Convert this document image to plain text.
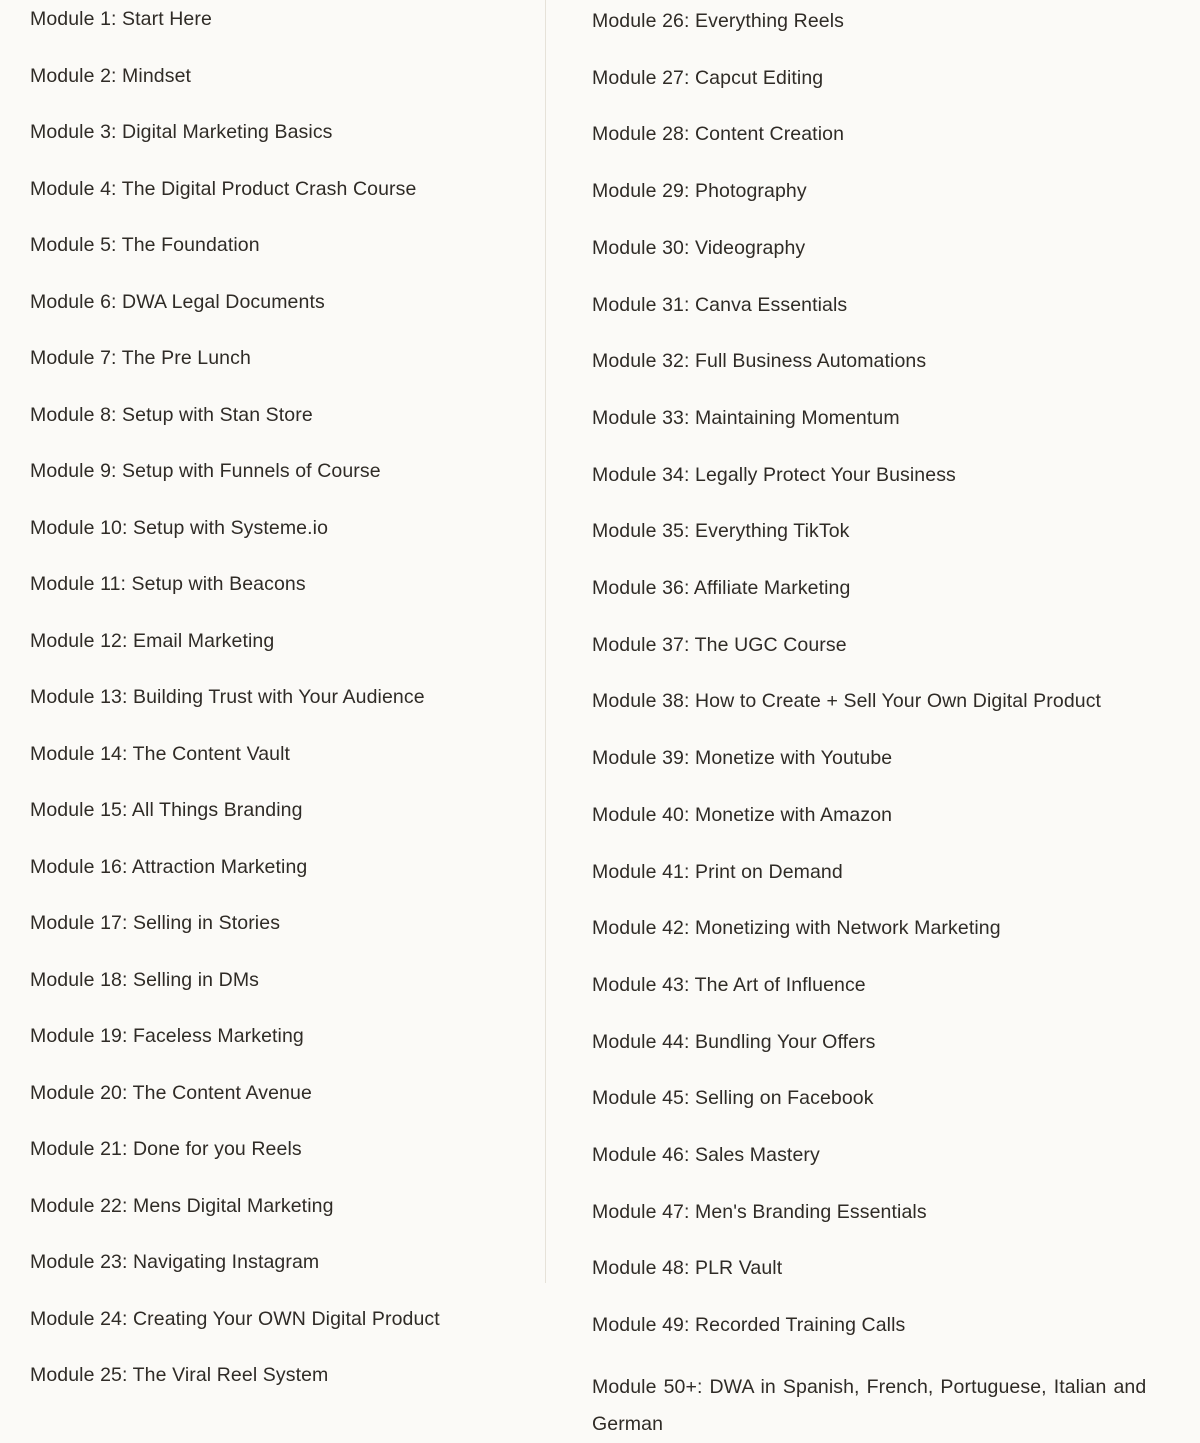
Module 1: Start Here
Module 2: Mindset
Module 3: Digital Marketing Basics
Module 4: The Digital Product Crash Course
Module 5: The Foundation
Module 6: DWA Legal Documents
Module 7: The Pre Lunch
Module 8: Setup with Stan Store
Module 9: Setup with Funnels of Course
Module 10: Setup with Systeme.io
Module 11: Setup with Beacons
Module 12: Email Marketing
Module 13: Building Trust with Your Audience
Module 14: The Content Vault
Module 15: All Things Branding
Module 16: Attraction Marketing
Module 17: Selling in Stories
Module 18: Selling in DMs
Module 19: Faceless Marketing
Module 20: The Content Avenue
Module 21: Done for you Reels
Module 22: Mens Digital Marketing
Module 23: Navigating Instagram
Module 24: Creating Your OWN Digital Product
Module 25: The Viral Reel System
Module 26: Everything Reels
Module 27: Capcut Editing
Module 28: Content Creation
Module 29: Photography
Module 30: Videography
Module 31: Canva Essentials
Module 32: Full Business Automations
Module 33: Maintaining Momentum
Module 34: Legally Protect Your Business
Module 35: Everything TikTok
Module 36: Affiliate Marketing
Module 37: The UGC Course
Module 38: How to Create + Sell Your Own Digital Product
Module 39: Monetize with Youtube
Module 40: Monetize with Amazon
Module 41: Print on Demand
Module 42: Monetizing with Network Marketing
Module 43: The Art of Influence
Module 44: Bundling Your Offers
Module 45: Selling on Facebook
Module 46: Sales Mastery
Module 47: Men's Branding Essentials
Module 48: PLR Vault
Module 49: Recorded Training Calls
Module 50+: DWA in Spanish, French, Portuguese, Italian and German
